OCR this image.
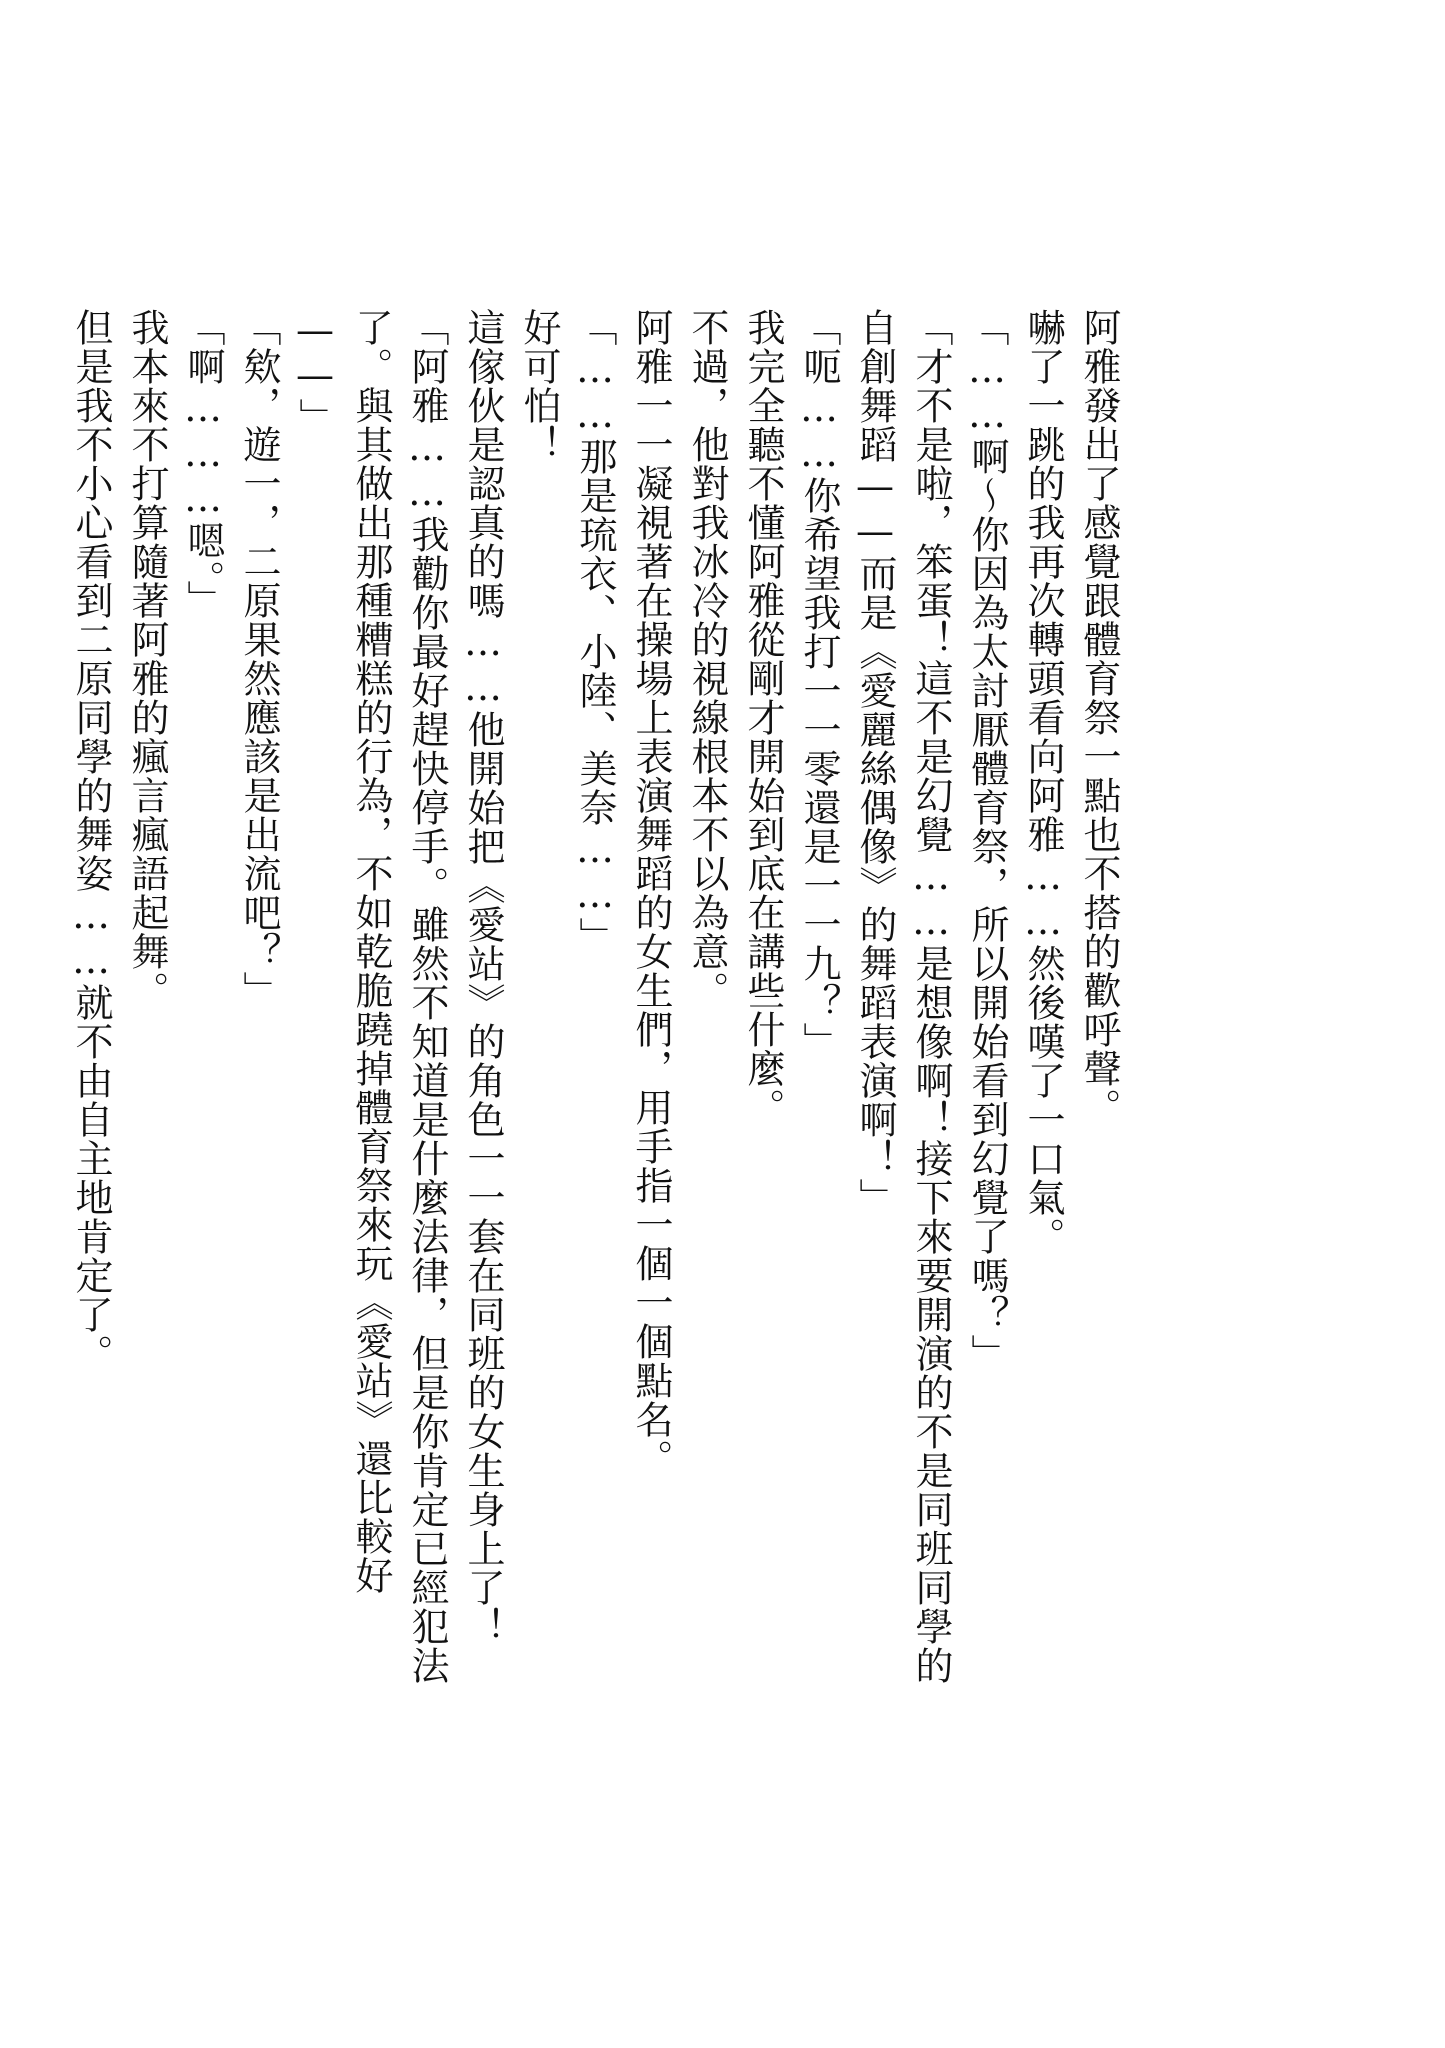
阿雅發出了感覺跟體育祭一點也不搭的歡呼聲。

嚇了一跳的我再次轉頭看向阿雅……然後嘆了一口氣。

「……啊～你因為太討厭體育祭，所以開始看到幻覺了嗎？」

「才不是啦，笨蛋！這不是幻覺……是想像啊！接下來要開演的不是同班同學的自創舞蹈——而是《愛麗絲偶像》的舞蹈表演啊！」

「呃……你希望我打一一零還是一一九？」

我完全聽不懂阿雅從剛才開始到底在講些什麼。

不過，他對我冰冷的視線根本不以為意。

阿雅一一凝視著在操場上表演舞蹈的女生們，用手指一個一個點名。

「……那是琉衣、小陸、美奈……」

好可怕！

這傢伙是認真的嗎……他開始把《愛站》的角色一一套在同班的女生身上了！

「阿雅……我勸你最好趕快停手。雖然不知道是什麼法律，但是你肯定已經犯法了。與其做出那種糟糕的行為，不如乾脆蹺掉體育祭來玩《愛站》還比較好——」

「欸，遊一，二原果然應該是出流吧？」

「啊………嗯。」

我本來不打算隨著阿雅的瘋言瘋語起舞。

但是我不小心看到二原同學的舞姿……就不由自主地肯定了。
